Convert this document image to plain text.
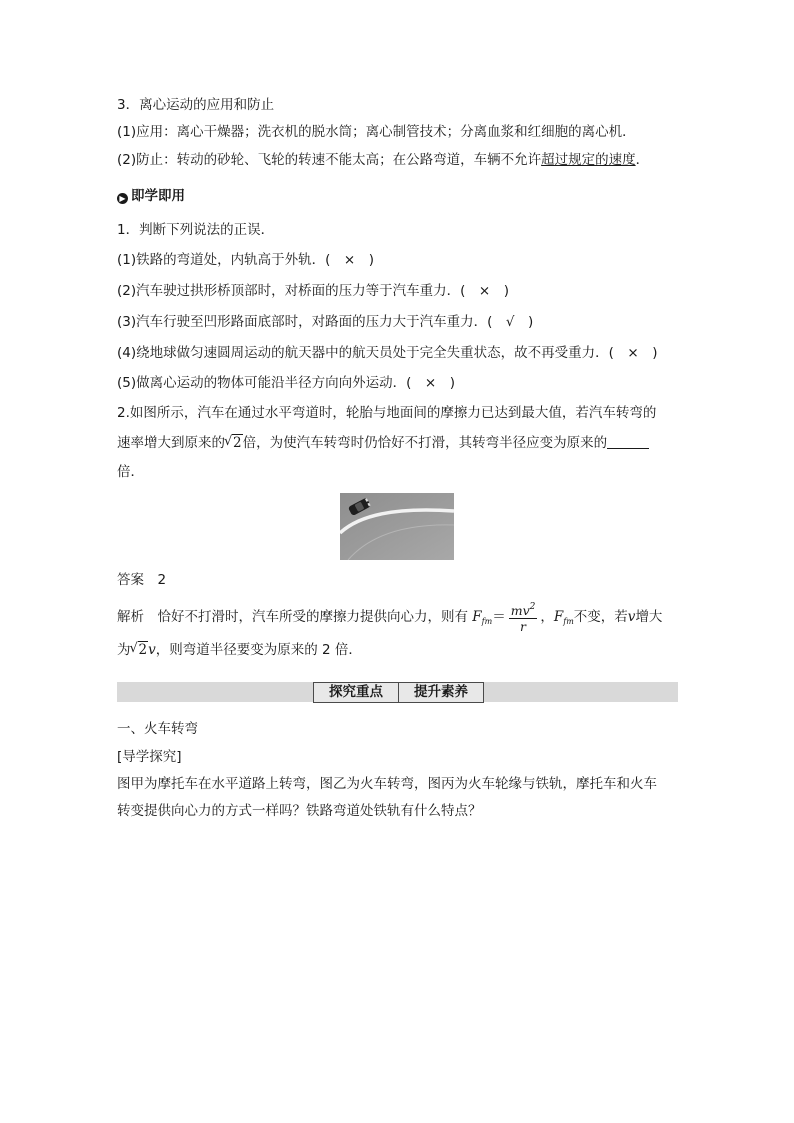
3．离心运动的应用和防止
(1)应用：离心干燥器；洗衣机的脱水筒；离心制管技术；分离血浆和红细胞的离心机．
(2)防止：转动的砂轮、飞轮的转速不能太高；在公路弯道，车辆不允许超过规定的速度．
▶ 即学即用
1．判断下列说法的正误．
(1)铁路的弯道处，内轨高于外轨．(　×　)
(2)汽车驶过拱形桥顶部时，对桥面的压力等于汽车重力．(　×　)
(3)汽车行驶至凹形路面底部时，对路面的压力大于汽车重力．(　√　)
(4)绕地球做匀速圆周运动的航天器中的航天员处于完全失重状态，故不再受重力．(　×　)
(5)做离心运动的物体可能沿半径方向向外运动．(　×　)
2.如图所示，汽车在通过水平弯道时，轮胎与地面间的摩擦力已达到最大值，若汽车转弯的
速率增大到原来的 √ 2倍，为使汽车转弯时仍恰好不打滑，其转弯半径应变为原来的
倍．
答案　 2
解析　 恰好不打滑时，汽车所受的摩擦力提供向心力，则有 $F_{fm}= \frac{mv^2}{r}$ ，$F_{fm}$不变，若v增大
为 √ 2v，则弯道半径要变为原来的 2 倍．
探究重点	提升素养
一、火车转弯
[导学探究]
图甲为摩托车在水平道路上转弯，图乙为火车转弯，图丙为火车轮缘与铁轨，摩托车和火车
转变提供向心力的方式一样吗？铁路弯道处铁轨有什么特点？
